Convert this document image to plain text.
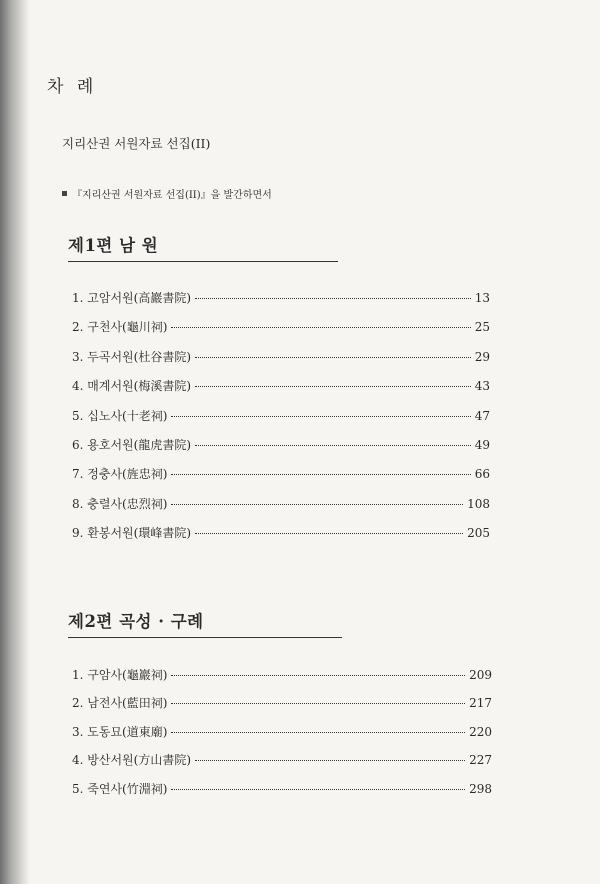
차 례
지리산권 서원자료 선집(II)
『지리산권 서원자료 선집(II)』을 발간하면서
제1편 남 원
1. 고암서원(高巖書院)	13
2. 구천사(龜川祠)	25
3. 두곡서원(杜谷書院)	29
4. 매계서원(梅溪書院)	43
5. 십노사(十老祠)	47
6. 용호서원(龍虎書院)	49
7. 정충사(旌忠祠)	66
8. 충렬사(忠烈祠)	108
9. 환봉서원(環峰書院)	205
제2편 곡성 · 구례
1. 구암사(龜巖祠)	209
2. 남전사(藍田祠)	217
3. 도동묘(道東廟)	220
4. 방산서원(方山書院)	227
5. 죽연사(竹淵祠)	298
